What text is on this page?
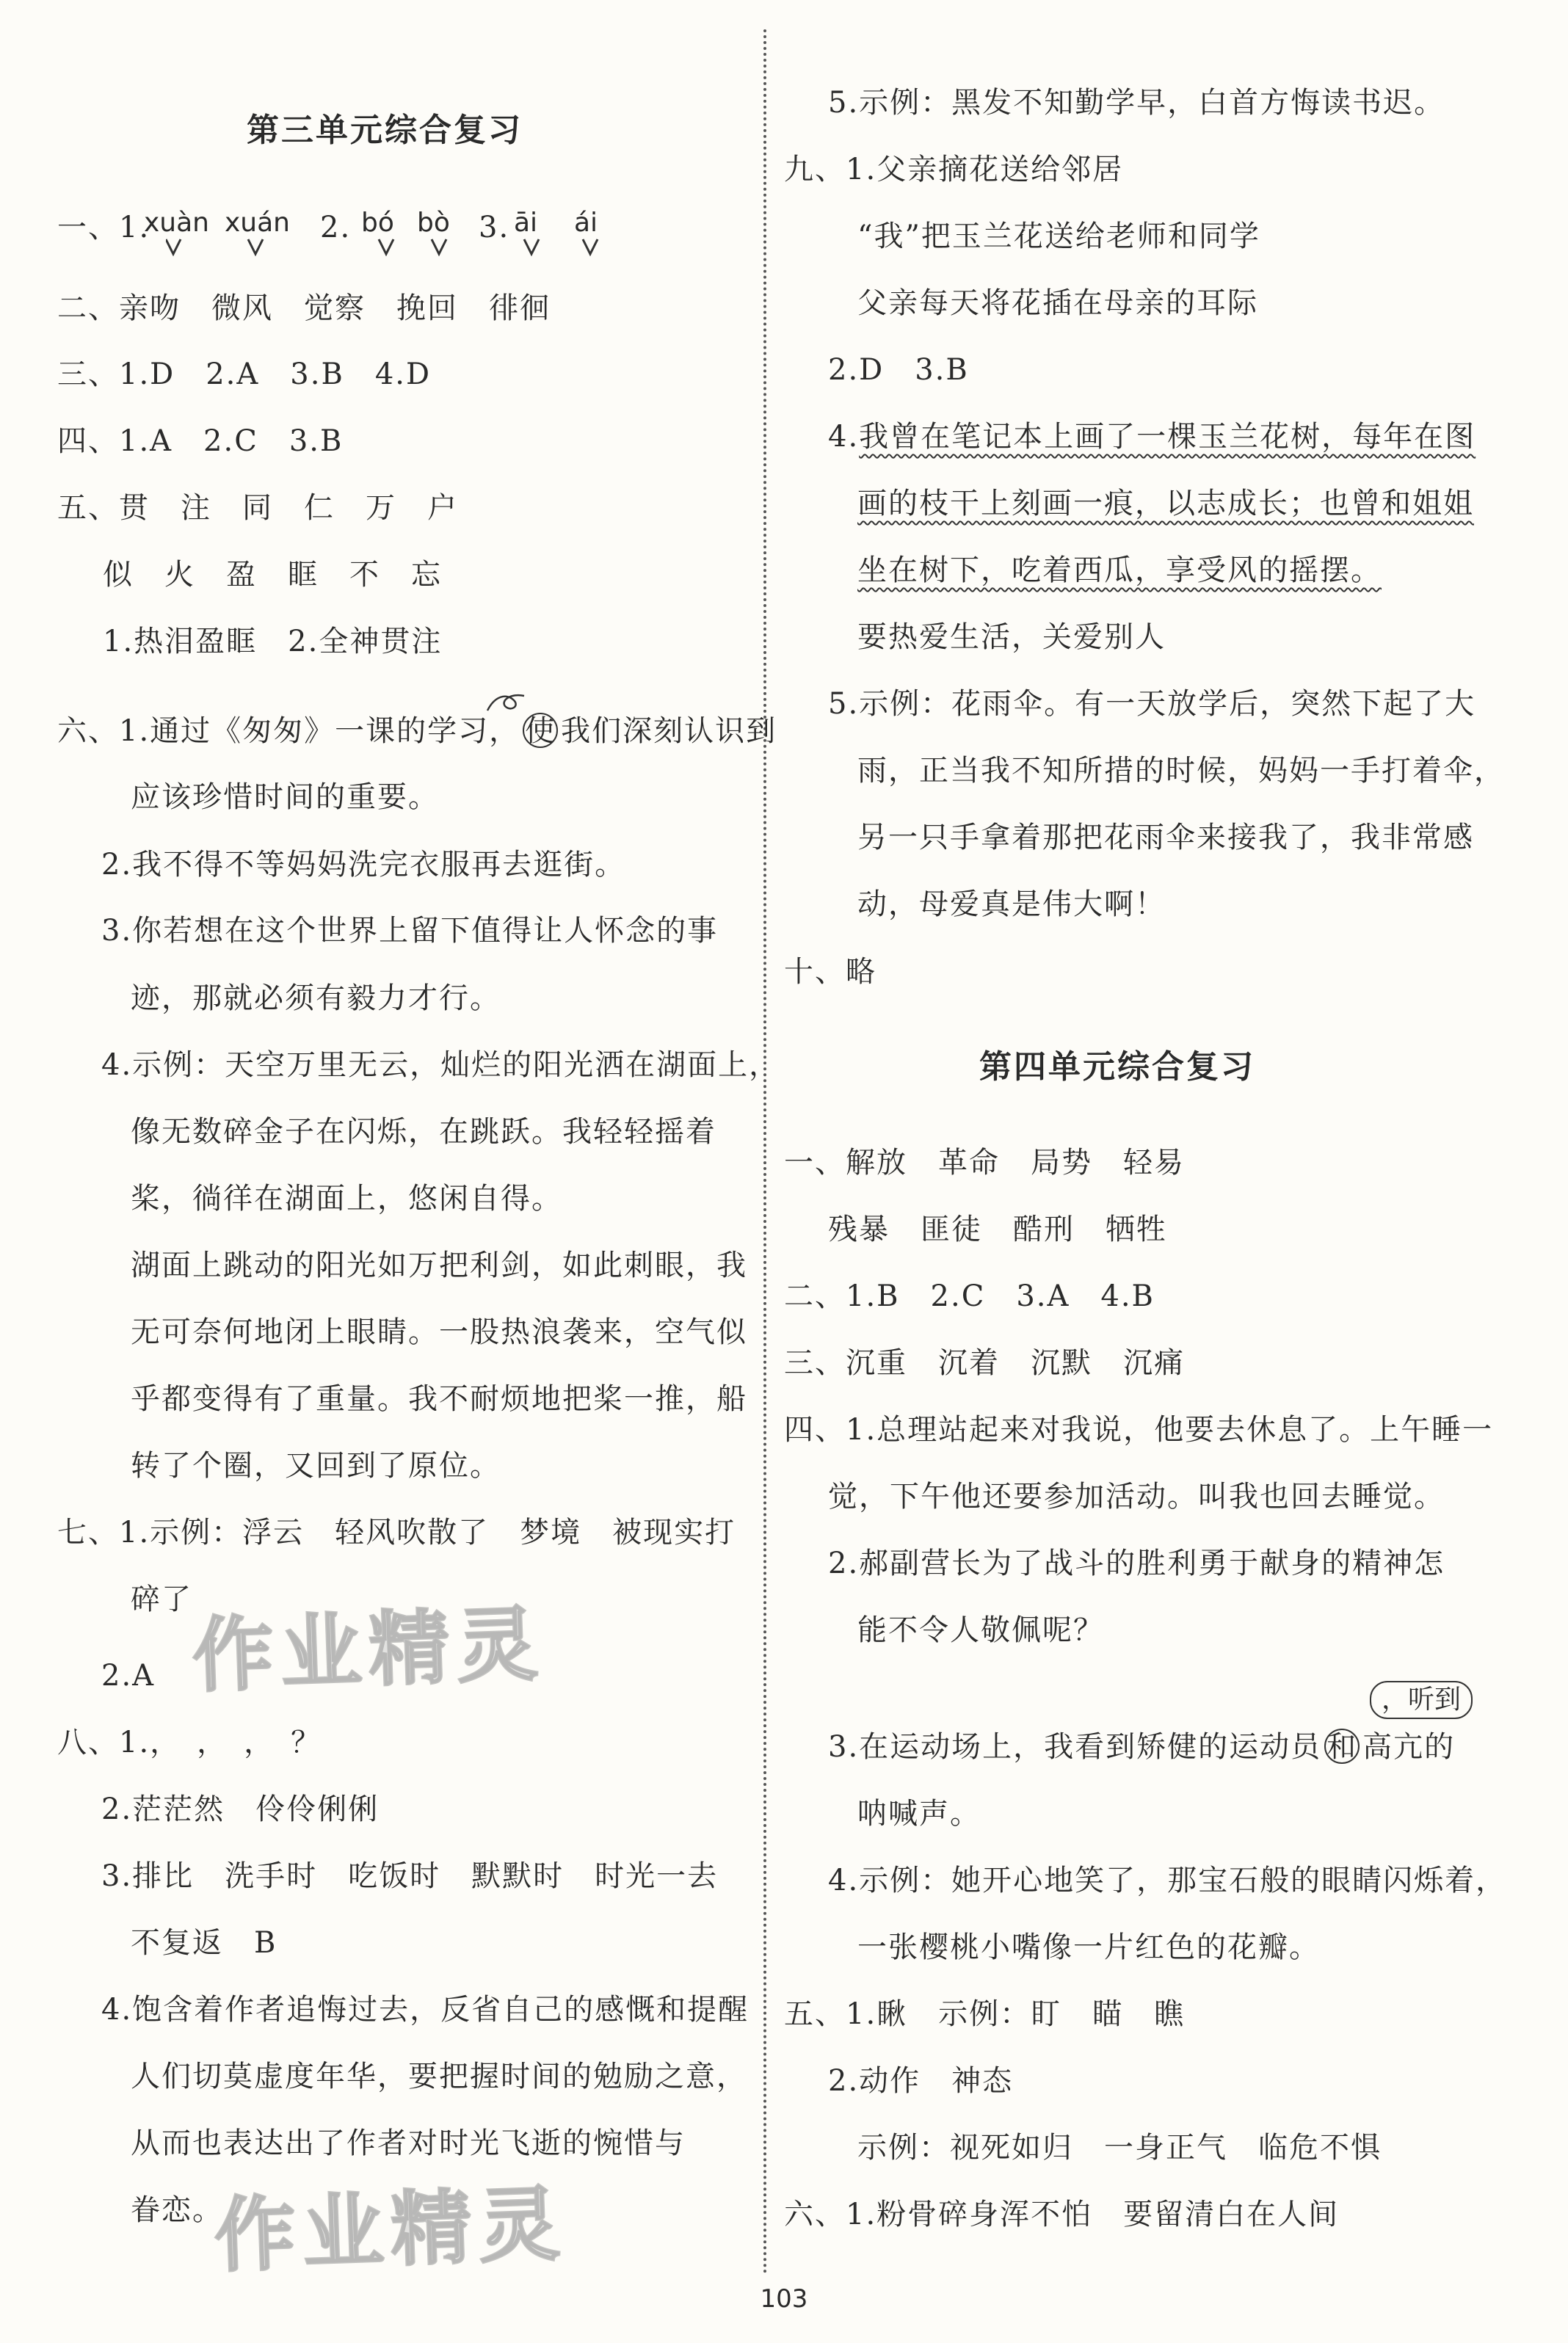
第三单元综合复习
一、1.
xuàn xuán 2. bó bò 3. āi ái
二、亲吻　微风　觉察　挽回　徘徊
三、1.D　2.A　3.B　4.D
四、1.A　2.C　3.B
五、贯　注　同　仁　万　户
似　火　盈　眶　不　忘
1.热泪盈眶　2.全神贯注
六、1.通过《匆匆》一课的学习， 使 我们深刻认识到
应该珍惜时间的重要。
2.我不得不等妈妈洗完衣服再去逛街。
3.你若想在这个世界上留下值得让人怀念的事
迹，那就必须有毅力才行。
4.示例：天空万里无云，灿烂的阳光洒在湖面上，
像无数碎金子在闪烁，在跳跃。我轻轻摇着
桨，徜徉在湖面上，悠闲自得。
湖面上跳动的阳光如万把利剑，如此刺眼，我
无可奈何地闭上眼睛。一股热浪袭来，空气似
乎都变得有了重量。我不耐烦地把桨一推，船
转了个圈，又回到了原位。
七、1.示例：浮云　轻风吹散了　梦境　被现实打
碎了
2.A
八、1.，　，　，　？
2.茫茫然　伶伶俐俐
3.排比　洗手时　吃饭时　默默时　时光一去
不复返　B
4.饱含着作者追悔过去，反省自己的感慨和提醒
人们切莫虚度年华，要把握时间的勉励之意，
从而也表达出了作者对时光飞逝的惋惜与
眷恋。
5.示例：黑发不知勤学早，白首方悔读书迟。
九、1.父亲摘花送给邻居
“我”把玉兰花送给老师和同学
父亲每天将花插在母亲的耳际
2.D　3.B
4.我曾在笔记本上画了一棵玉兰花树，每年在图
画的枝干上刻画一痕，以志成长；也曾和姐姐
坐在树下，吃着西瓜，享受风的摇摆。
要热爱生活，关爱别人
5.示例：花雨伞。有一天放学后，突然下起了大
雨，正当我不知所措的时候，妈妈一手打着伞，
另一只手拿着那把花雨伞来接我了，我非常感
动，母爱真是伟大啊！
十、略
第四单元综合复习
一、解放　革命　局势　轻易
残暴　匪徒　酷刑　牺牲
二、1.B　2.C　3.A　4.B
三、沉重　沉着　沉默　沉痛
四、1.总理站起来对我说，他要去休息了。上午睡一
觉，下午他还要参加活动。叫我也回去睡觉。
2.郝副营长为了战斗的胜利勇于献身的精神怎
能不令人敬佩呢？
，听到
3.在运动场上，我看到矫健的运动员 和 高亢的
呐喊声。
4.示例：她开心地笑了，那宝石般的眼睛闪烁着，
一张樱桃小嘴像一片红色的花瓣。
五、1.瞅　示例：盯　瞄　瞧
2.动作　神态
示例：视死如归　一身正气　临危不惧
六、1.粉骨碎身浑不怕　要留清白在人间
作业精灵
作业精灵
103
